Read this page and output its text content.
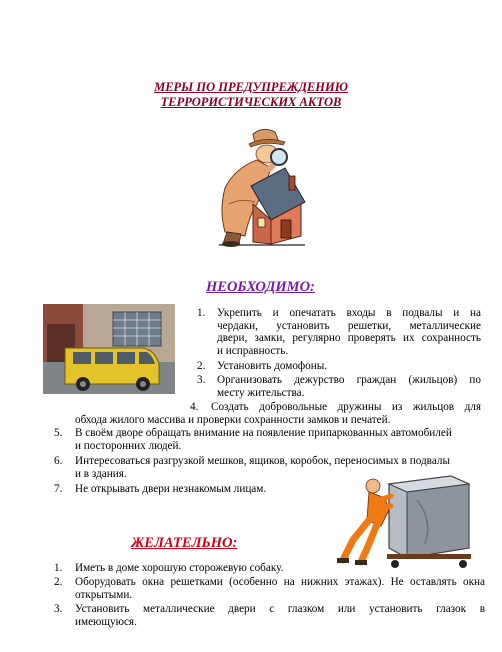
МЕРЫ ПО ПРЕДУПРЕЖДЕНИЮ
ТЕРРОРИСТИЧЕСКИХ АКТОВ
НЕОБХОДИМО:
1. Укрепить и опечатать входы в подвалы и на
чердаки, установить решетки, металлические
двери, замки, регулярно проверять их сохранность
и исправность.
2. Установить домофоны.
3. Организовать дежурство граждан (жильцов) по
месту жительства.
4. Создать добровольные дружины из жильцов для
обхода жилого массива и проверки сохранности замков и печатей.
5. В своём дворе обращать внимание на появление припаркованных автомобилей
и посторонних людей.
6. Интересоваться разгрузкой мешков, ящиков, коробок, переносимых в подвалы
и в здания.
7. Не открывать двери незнакомым лицам.
ЖЕЛАТЕЛЬНО:
1. Иметь в доме хорошую сторожевую собаку.
2. Оборудовать окна решетками (особенно на нижних этажах). Не оставлять окна
открытыми.
3. Установить металлические двери с глазком или установить глазок в
имеющуюся.
